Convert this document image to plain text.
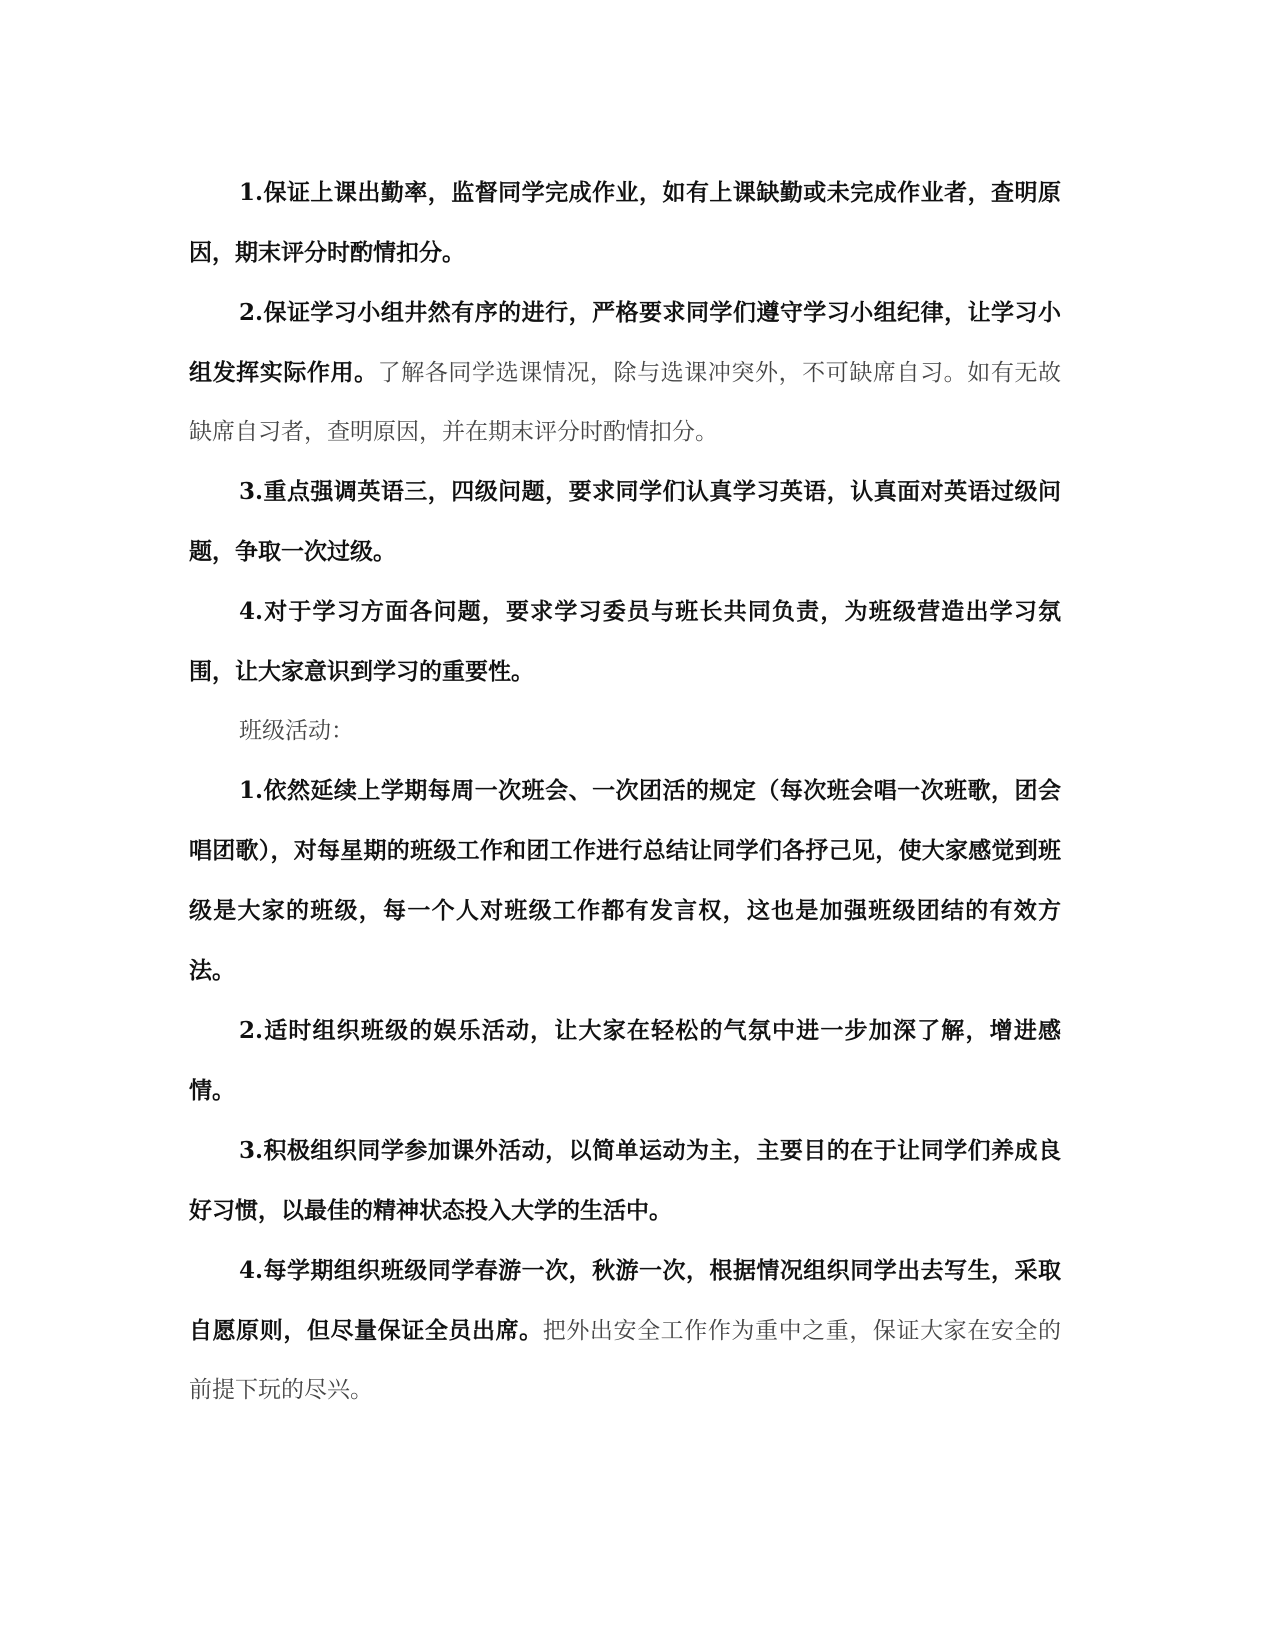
1.保证上课出勤率，监督同学完成作业，如有上课缺勤或未完成作业者，查明原因，期末评分时酌情扣分。

2.保证学习小组井然有序的进行，严格要求同学们遵守学习小组纪律，让学习小组发挥实际作用。了解各同学选课情况，除与选课冲突外，不可缺席自习。如有无故缺席自习者，查明原因，并在期末评分时酌情扣分。

3.重点强调英语三，四级问题，要求同学们认真学习英语，认真面对英语过级问题，争取一次过级。

4.对于学习方面各问题，要求学习委员与班长共同负责，为班级营造出学习氛围，让大家意识到学习的重要性。

班级活动：

1.依然延续上学期每周一次班会、一次团活的规定（每次班会唱一次班歌，团会唱团歌），对每星期的班级工作和团工作进行总结让同学们各抒己见，使大家感觉到班级是大家的班级，每一个人对班级工作都有发言权，这也是加强班级团结的有效方法。

2.适时组织班级的娱乐活动，让大家在轻松的气氛中进一步加深了解，增进感情。

3.积极组织同学参加课外活动，以简单运动为主，主要目的在于让同学们养成良好习惯，以最佳的精神状态投入大学的生活中。

4.每学期组织班级同学春游一次，秋游一次，根据情况组织同学出去写生，采取自愿原则，但尽量保证全员出席。把外出安全工作作为重中之重，保证大家在安全的前提下玩的尽兴。
